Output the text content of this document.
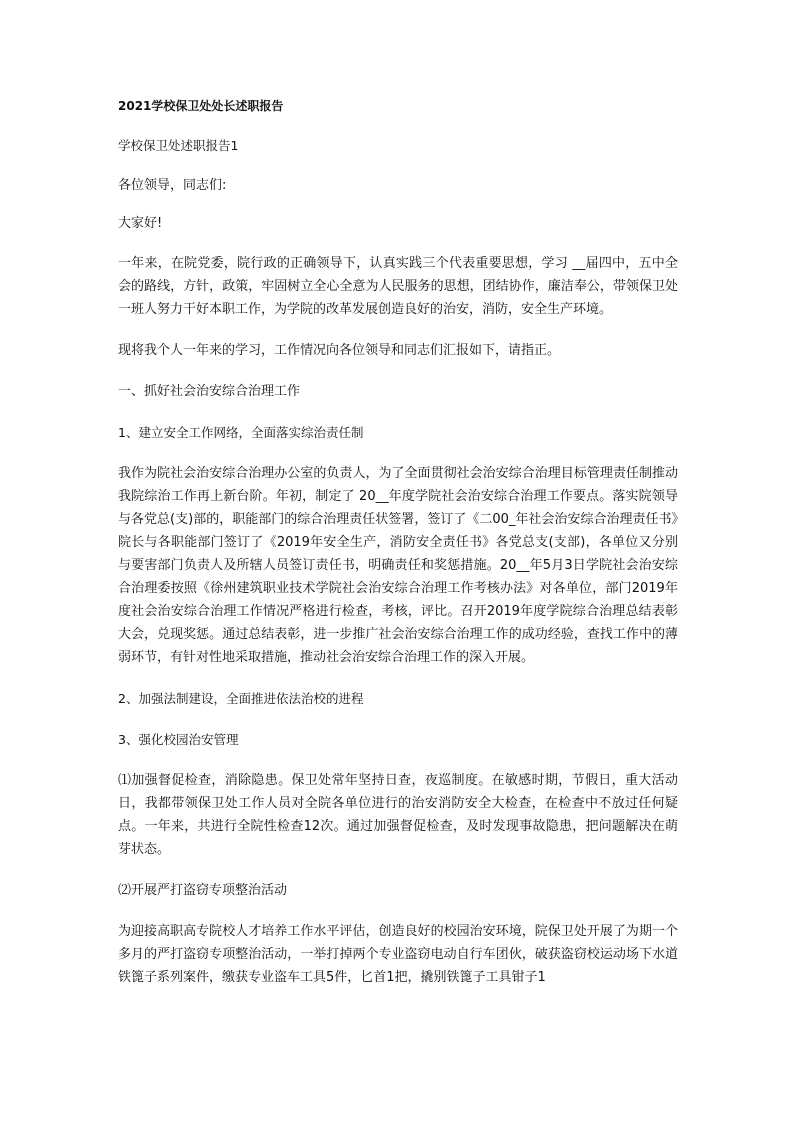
2021学校保卫处处长述职报告

学校保卫处述职报告1

各位领导，同志们:

大家好!

一年来，在院党委，院行政的正确领导下，认真实践三个代表重要思想，学习 __届四中，五中全会的路线，方针，政策，牢固树立全心全意为人民服务的思想，团结协作，廉洁奉公，带领保卫处一班人努力干好本职工作，为学院的改革发展创造良好的治安，消防，安全生产环境。

现将我个人一年来的学习，工作情况向各位领导和同志们汇报如下，请指正。

一、抓好社会治安综合治理工作

1、建立安全工作网络，全面落实综治责任制

我作为院社会治安综合治理办公室的负责人，为了全面贯彻社会治安综合治理目标管理责任制推动我院综治工作再上新台阶。年初，制定了 20__年度学院社会治安综合治理工作要点。落实院领导与各党总(支)部的，职能部门的综合治理责任状签署，签订了《二00_年社会治安综合治理责任书》院长与各职能部门签订了《2019年安全生产，消防安全责任书》各党总支(支部)，各单位又分别与要害部门负责人及所辖人员签订责任书，明确责任和奖惩措施。20__年5月3日学院社会治安综合治理委按照《徐州建筑职业技术学院社会治安综合治理工作考核办法》对各单位，部门2019年度社会治安综合治理工作情况严格进行检查，考核，评比。召开2019年度学院综合治理总结表彰大会，兑现奖惩。通过总结表彰，进一步推广社会治安综合治理工作的成功经验，查找工作中的薄弱环节，有针对性地采取措施，推动社会治安综合治理工作的深入开展。

2、加强法制建设，全面推进依法治校的进程

3、强化校园治安管理

⑴加强督促检查，消除隐患。保卫处常年坚持日查，夜巡制度。在敏感时期，节假日，重大活动日，我都带领保卫处工作人员对全院各单位进行的治安消防安全大检查，在检查中不放过任何疑点。一年来，共进行全院性检查12次。通过加强督促检查，及时发现事故隐患，把问题解决在萌芽状态。

⑵开展严打盗窃专项整治活动

为迎接高职高专院校人才培养工作水平评估，创造良好的校园治安环境，院保卫处开展了为期一个多月的严打盗窃专项整治活动，一举打掉两个专业盗窃电动自行车团伙，破获盗窃校运动场下水道铁篦子系列案件，缴获专业盗车工具5件，匕首1把，撬别铁篦子工具钳子1
